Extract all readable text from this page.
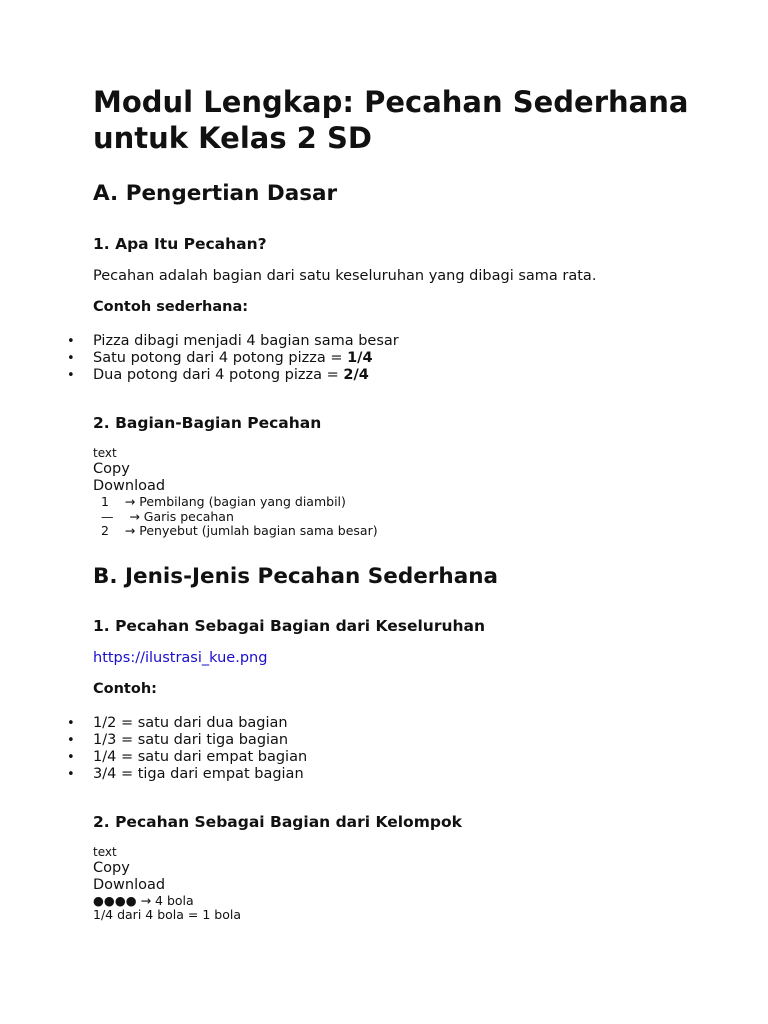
Modul Lengkap: Pecahan Sederhana untuk Kelas 2 SD
A. Pengertian Dasar
1. Apa Itu Pecahan?

Pecahan adalah bagian dari satu keseluruhan yang dibagi sama rata.

Contoh sederhana:

• Pizza dibagi menjadi 4 bagian sama besar
• Satu potong dari 4 potong pizza = 1/4
• Dua potong dari 4 potong pizza = 2/4
2. Bagian-Bagian Pecahan
text
Copy
Download
1    → Pembilang (bagian yang diambil)
—    → Garis pecahan
2    → Penyebut (jumlah bagian sama besar)
B. Jenis-Jenis Pecahan Sederhana
1. Pecahan Sebagai Bagian dari Keseluruhan

https://ilustrasi_kue.png

Contoh:

• 1/2 = satu dari dua bagian
• 1/3 = satu dari tiga bagian
• 1/4 = satu dari empat bagian
• 3/4 = tiga dari empat bagian
2. Pecahan Sebagai Bagian dari Kelompok
text
Copy
Download
●●●● → 4 bola
1/4 dari 4 bola = 1 bola
